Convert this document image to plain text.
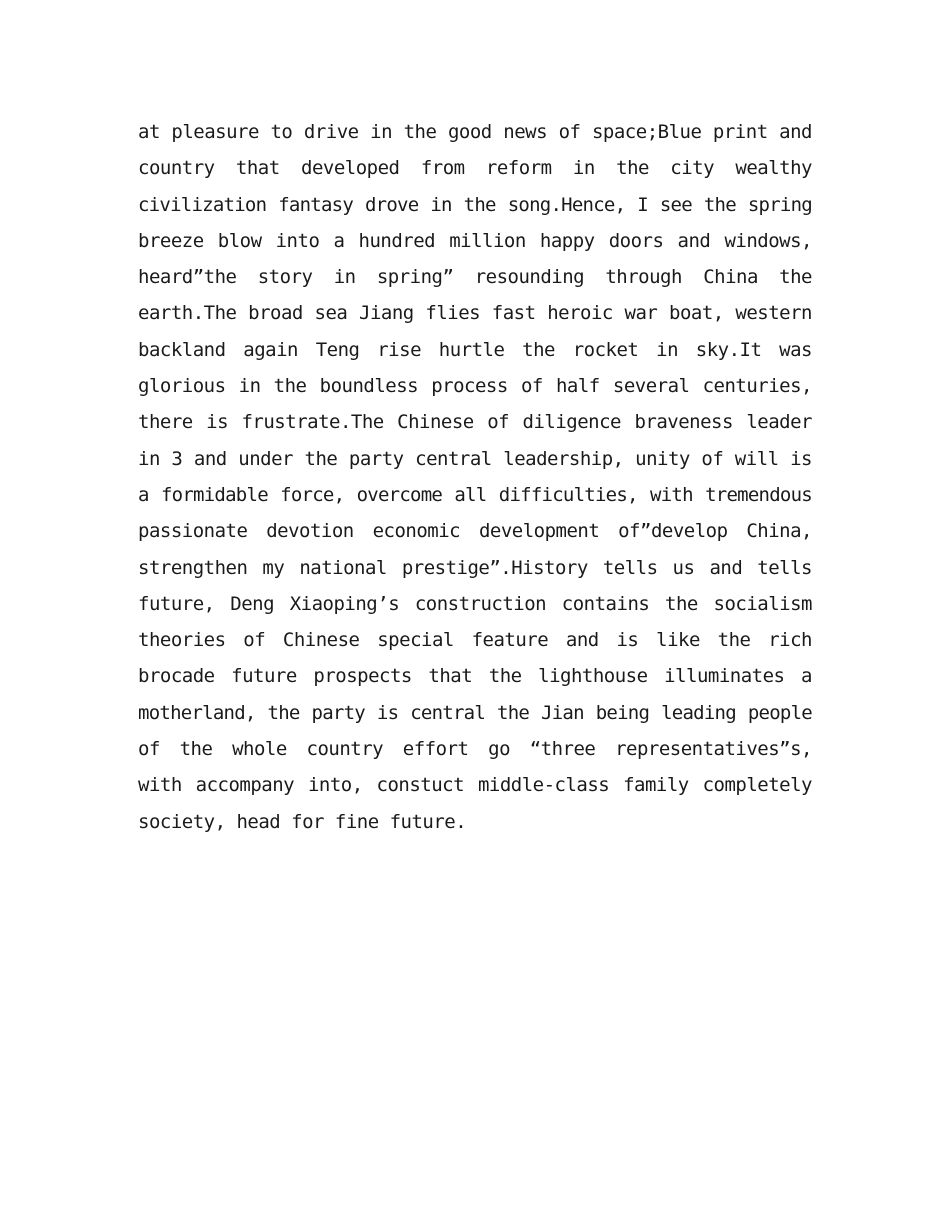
at pleasure to drive in the good news of space;Blue print and
country that developed from reform in the city wealthy
civilization fantasy drove in the song.Hence, I see the spring
breeze blow into a hundred million happy doors and windows,
heard”the story in spring” resounding through China the
earth.The broad sea Jiang flies fast heroic war boat, western
backland again Teng rise hurtle the rocket in sky.It was
glorious in the boundless process of half several centuries,
there is frustrate.The Chinese of diligence braveness leader
in 3 and under the party central leadership, unity of will is
a formidable force, overcome all difficulties, with tremendous
passionate devotion economic development of”develop China,
strengthen my national prestige”.History tells us and tells
future, Deng Xiaoping’s construction contains the socialism
theories of Chinese special feature and is like the rich
brocade future prospects that the lighthouse illuminates a
motherland, the party is central the Jian being leading people
of the whole country effort go “three representatives”s,
with accompany into, constuct middle-class family completely
society, head for fine future.
